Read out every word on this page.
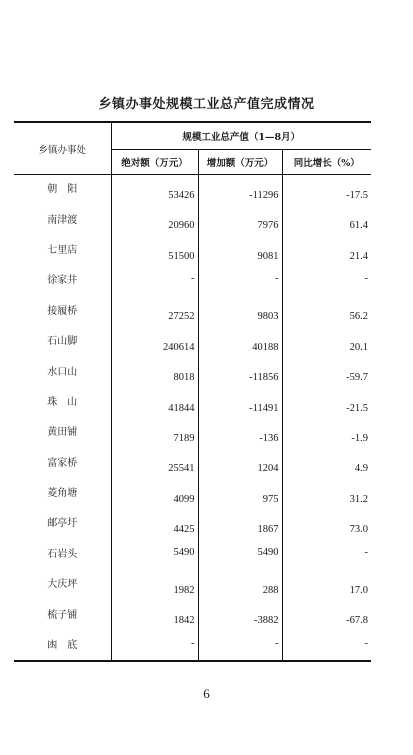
乡镇办事处规模工业总产值完成情况
乡镇办事处	规模工业总产值（1—8月）		
	绝对额（万元）	增加额（万元）	同比增长（%）
朝　阳	53426	-11296	-17.5
南津渡	20960	7976	61.4
七里店	51500	9081	21.4
徐家井	-	-	-
接履桥	27252	9803	56.2
石山脚	240614	40188	20.1
水口山	8018	-11856	-59.7
珠　山	41844	-11491	-21.5
黄田铺	7189	-136	-1.9
富家桥	25541	1204	4.9
菱角塘	4099	975	31.2
邮亭圩	4425	1867	73.0
石岩头	5490	5490	-
大庆坪	1982	288	17.0
梳子铺	1842	-3882	-67.8
凼　底	-	-	-
6
